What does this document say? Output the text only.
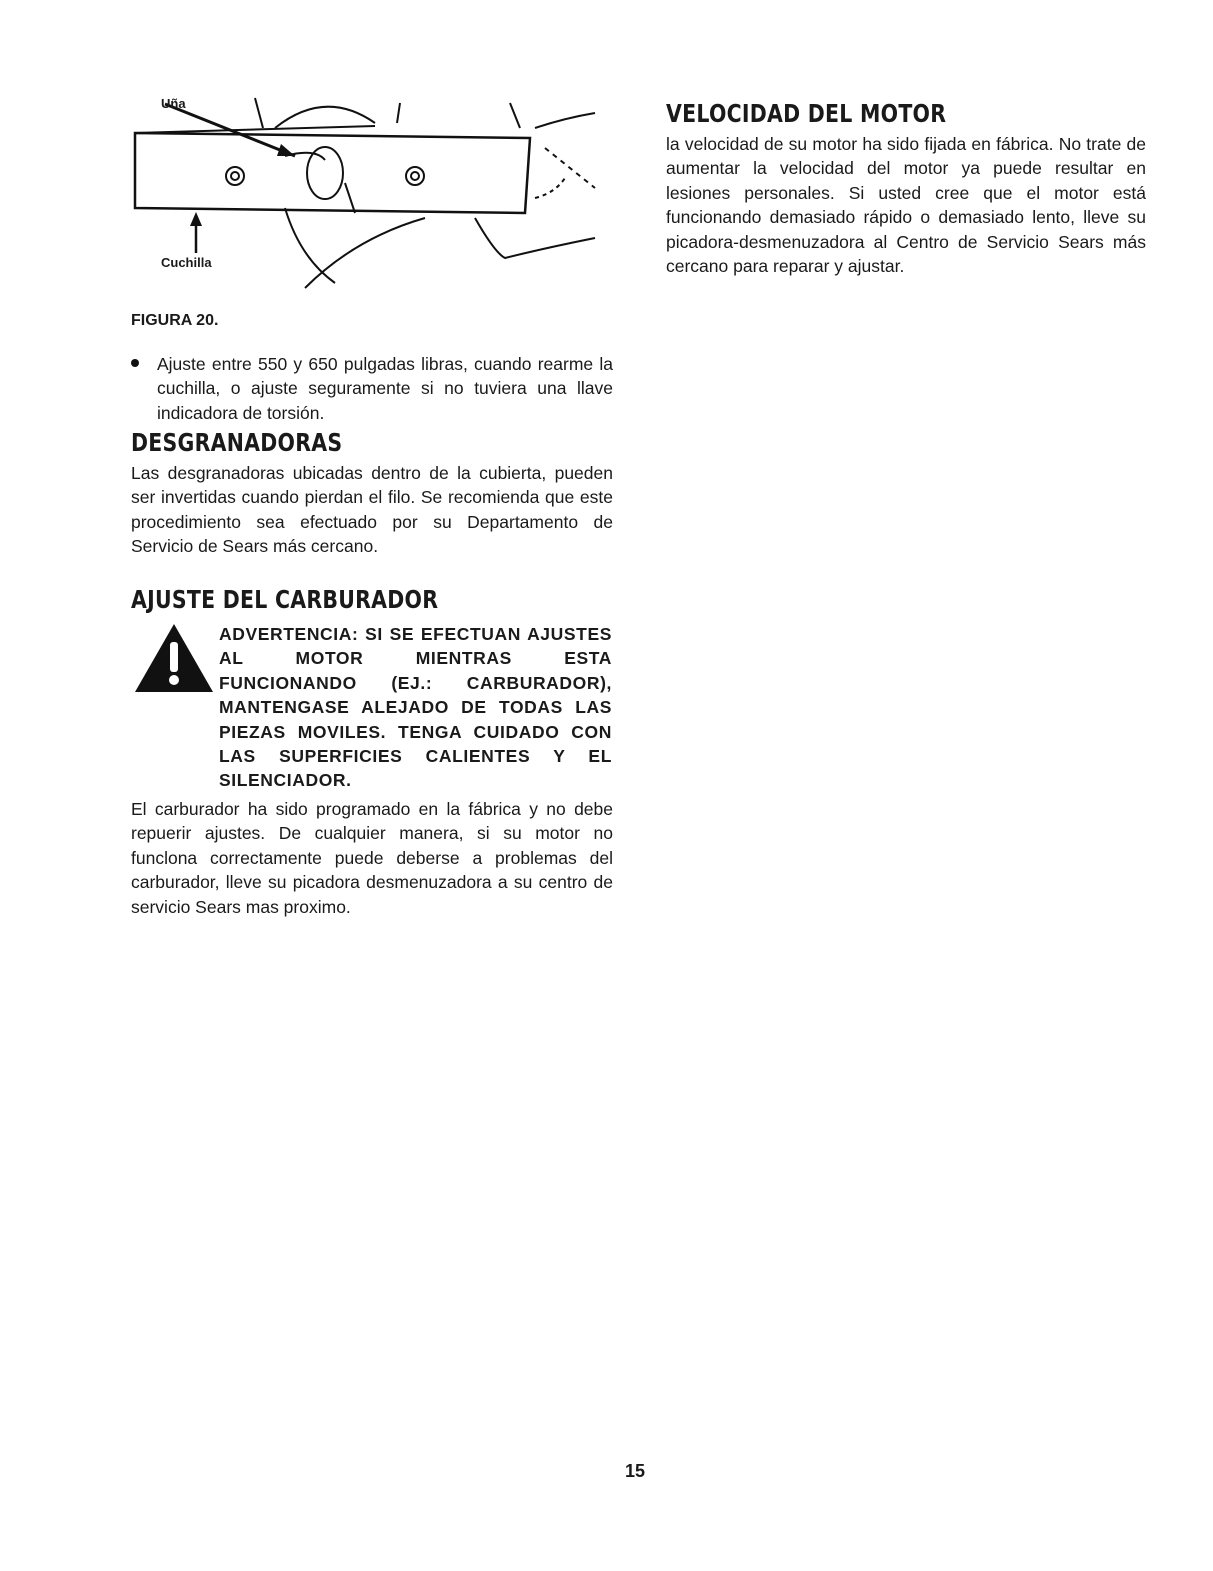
Uña
Cuchilla
FIGURA 20.

Ajuste entre 550 y 650 pulgadas libras, cuando rearme la cuchilla, o ajuste seguramente si no tuviera una llave indicadora de torsión.

DESGRANADORAS

Las desgranadoras ubicadas dentro de la cubierta, pueden ser invertidas cuando pierdan el filo. Se recomienda que este procedimiento sea efectuado por su Departamento de Servicio de Sears más cercano.

AJUSTE DEL CARBURADOR

ADVERTENCIA: SI SE EFECTUAN AJUSTES AL MOTOR MIENTRAS ESTA FUNCIONANDO (EJ.: CARBURADOR), MANTENGASE ALEJADO DE TODAS LAS PIEZAS MOVILES. TENGA CUIDADO CON LAS SUPERFICIES CALIENTES Y EL SILENCIADOR.

El carburador ha sido programado en la fábrica y no debe repuerir ajustes. De cualquier manera, si su motor no funclona correctamente puede deberse a problemas del carburador, lleve su picadora desmenuzadora a su centro de servicio Sears mas proximo.

VELOCIDAD DEL MOTOR

la velocidad de su motor ha sido fijada en fábrica. No trate de aumentar la velocidad del motor ya puede resultar en lesiones personales. Si usted cree que el motor está funcionando demasiado rápido o demasiado lento, lleve su picadora-desmenuzadora al Centro de Servicio Sears más cercano para reparar y ajustar.

15
